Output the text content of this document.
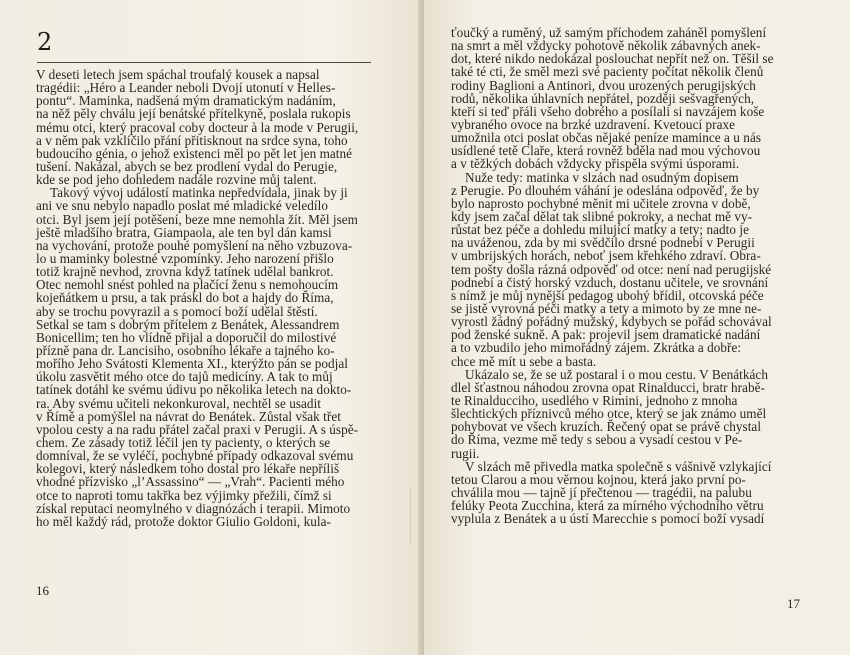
2
V deseti letech jsem spáchal troufalý kousek a napsal
tragédii: „Héro a Leander neboli Dvojí utonutí v Helles-
pontu“. Maminka, nadšená mým dramatickým nadáním,
na něž pěly chválu její benátské přítelkyně, poslala rukopis
mému otci, který pracoval coby docteur à la mode v Perugii,
a v něm pak vzklíčilo přání přitisknout na srdce syna, toho
budoucího génia, o jehož existenci měl po pět let jen matné
tušení. Nakázal, abych se bez prodlení vydal do Perugie,
kde se pod jeho dohledem nadále rozvine můj talent.
Takový vývoj událostí matinka nepředvídala, jinak by ji
ani ve snu nebylo napadlo poslat mé mladické veledílo
otci. Byl jsem její potěšení, beze mne nemohla žít. Měl jsem
ještě mladšího bratra, Giampaola, ale ten byl dán kamsi
na vychování, protože pouhé pomyšlení na něho vzbuzova-
lo u maminky bolestné vzpomínky. Jeho narození přišlo
totiž krajně nevhod, zrovna když tatínek udělal bankrot.
Otec nemohl snést pohled na plačící ženu s nemohoucím
kojeňátkem u prsu, a tak práskl do bot a hajdy do Říma,
aby se trochu povyrazil a s pomocí boží udělal štěstí.
Setkal se tam s dobrým přítelem z Benátek, Alessandrem
Bonicellim; ten ho vlídně přijal a doporučil do milostivé
přízně pana dr. Lancisiho, osobního lékaře a tajného ko-
mořího Jeho Svátosti Klementa XI., kterýžto pán se podjal
úkolu zasvětit mého otce do tajů medicíny. A tak to můj
tatínek dotáhl ke svému údivu po několika letech na dokto-
ra. Aby svému učiteli nekonkuroval, nechtěl se usadit
v Římě a pomýšlel na návrat do Benátek. Zůstal však třet
vpolou cesty a na radu přátel začal praxi v Perugii. A s úspě-
chem. Ze zásady totiž léčil jen ty pacienty, o kterých se
domníval, že se vyléčí, pochybné případy odkazoval svému
kolegovi, který následkem toho dostal pro lékaře nepříliš
vhodné přízvisko „l’Assassino“ — „Vrah“. Pacienti mého
otce to naproti tomu takřka bez výjimky přežili, čímž si
získal reputaci neomylného v diagnózách i terapii. Mimoto
ho měl každý rád, protože doktor Giulio Goldoni, kula-
16
ťoučký a ruměný, už samým příchodem zaháněl pomyšlení
na smrt a měl vždycky pohotově několik zábavných anek-
dot, které nikdo nedokázal poslouchat nepřít než on. Těšil se
také té cti, že směl mezi své pacienty počítat několik členů
rodiny Baglioni a Antinori, dvou urozených perugijských
rodů, několika úhlavních nepřátel, později sešvagřených,
kteří si teď přáli všeho dobrého a posílali si navzájem koše
vybraného ovoce na brzké uzdravení. Kvetoucí praxe
umožnila otci poslat občas nějaké peníze mamince a u nás
usídlené tetě Claře, která rovněž bděla nad mou výchovou
a v těžkých dobách vždycky přispěla svými úsporami.
Nuže tedy: matinka v slzách nad osudným dopisem
z Perugie. Po dlouhém váhání je odeslána odpověď, že by
bylo naprosto pochybné měnit mi učitele zrovna v době,
kdy jsem začal dělat tak slibné pokroky, a nechat mě vy-
růstat bez péče a dohledu milující matky a tety; nadto je
na uváženou, zda by mi svědčilo drsné podnebí v Perugii
v umbrijských horách, neboť jsem křehkého zdraví. Obra-
tem pošty došla rázná odpověď od otce: není nad perugijské
podnebí a čistý horský vzduch, dostanu učitele, ve srovnání
s nímž je můj nynější pedagog ubohý břídil, otcovská péče
se jistě vyrovná péči matky a tety a mimoto by ze mne ne-
vyrostl žádný pořádný mužský, kdybych se pořád schovával
pod ženské sukně. A pak: projevil jsem dramatické nadání
a to vzbudilo jeho mimořádný zájem. Zkrátka a dobře:
chce mě mít u sebe a basta.
Ukázalo se, že se už postaral i o mou cestu. V Benátkách
dlel šťastnou náhodou zrovna opat Rinalducci, bratr hrabě-
te Rinalducciho, usedlého v Rimini, jednoho z mnoha
šlechtických příznivců mého otce, který se jak známo uměl
pohybovat ve všech kruzích. Řečený opat se právě chystal
do Říma, vezme mě tedy s sebou a vysadí cestou v Pe-
rugii.
V slzách mě přivedla matka společně s vášnivě vzlykající
tetou Clarou a mou věrnou kojnou, která jako první po-
chválila mou — tajně jí přečtenou — tragédii, na palubu
felúky Peota Zucchina, která za mírného východního větru
vyplula z Benátek a u ústí Marecchie s pomocí boží vysadí
17
